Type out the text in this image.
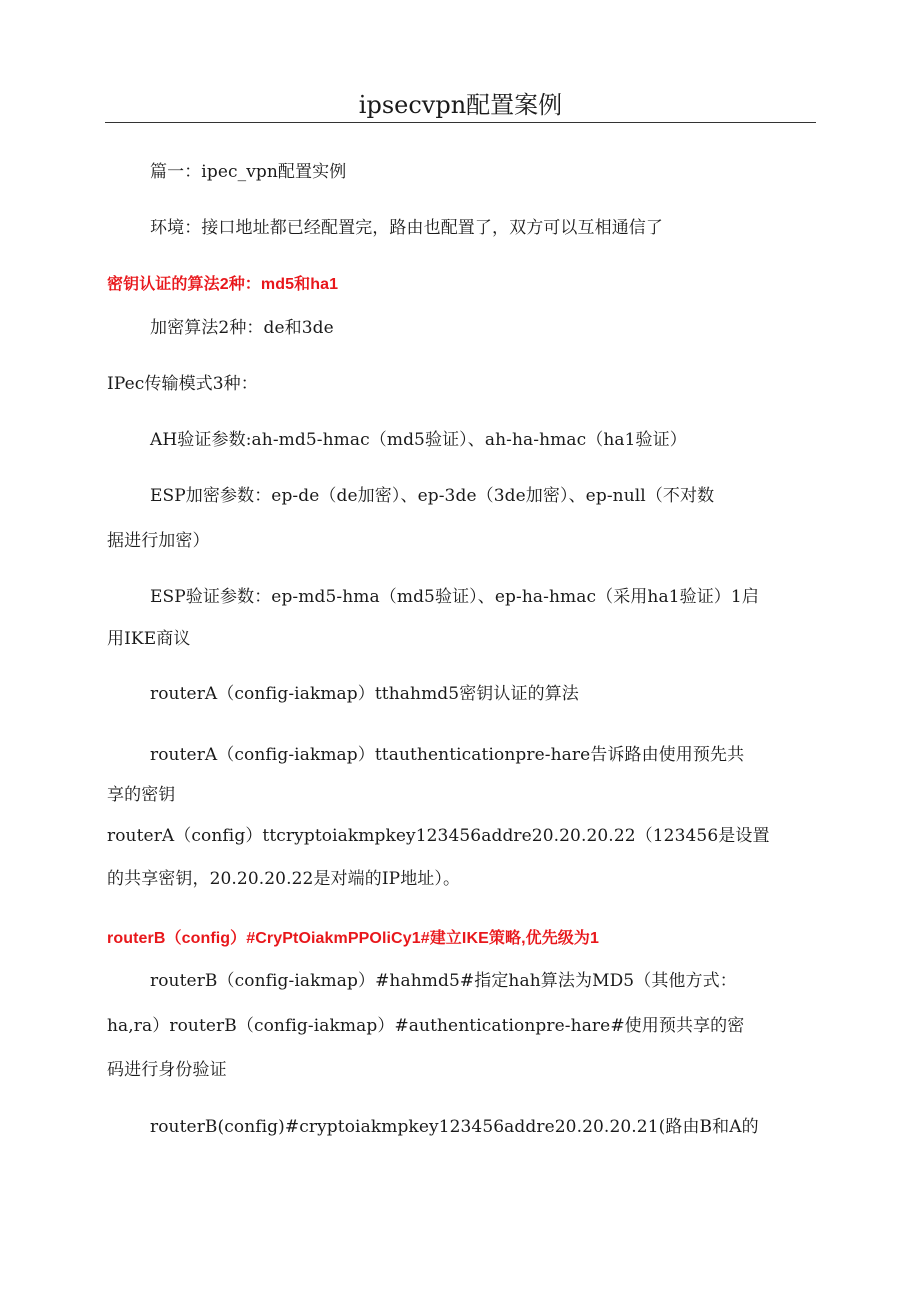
ipsecvpn配置案例
篇一：ipec_vpn配置实例
环境：接口地址都已经配置完，路由也配置了，双方可以互相通信了
密钥认证的算法2种：md5和ha1
加密算法2种：de和3de
IPec传输模式3种：
AH验证参数:ah-md5-hmac（md5验证）、ah-ha-hmac（ha1验证）
ESP加密参数：ep-de（de加密）、ep-3de（3de加密）、ep-null（不对数
据进行加密）
ESP验证参数：ep-md5-hma（md5验证）、ep-ha-hmac（采用ha1验证）1启
用IKE商议
routerA（config-iakmap）tthahmd5密钥认证的算法
routerA（config-iakmap）ttauthenticationpre-hare告诉路由使用预先共
享的密钥
routerA（config）ttcryptoiakmpkey123456addre20.20.20.22（123456是设置
的共享密钥，20.20.20.22是对端的IP地址）。
routerB（config）#CryPtOiakmPPOliCy1#建立IKE策略,优先级为1
routerB（config-iakmap）#hahmd5#指定hah算法为MD5（其他方式：
ha,ra）routerB（config-iakmap）#authenticationpre-hare#使用预共享的密
码进行身份验证
routerB(config)#cryptoiakmpkey123456addre20.20.20.21(路由B和A的
